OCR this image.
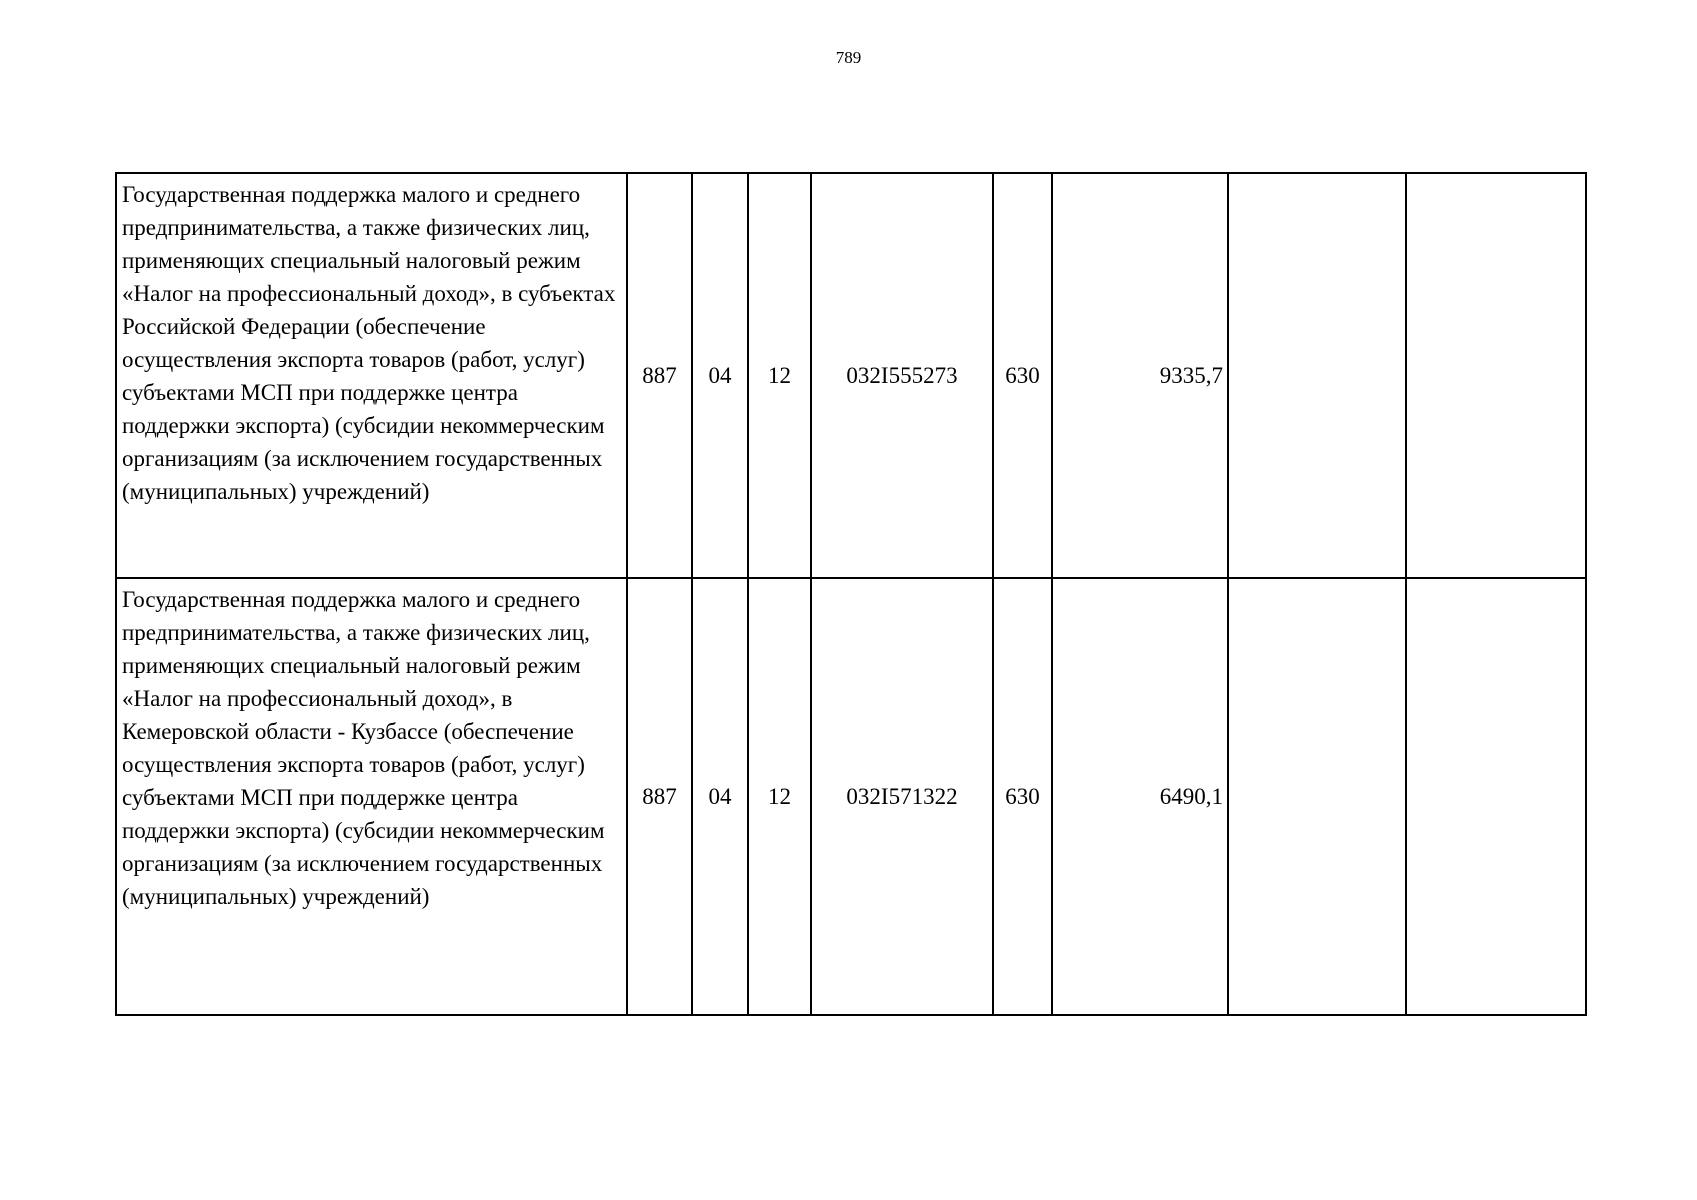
789
Государственная поддержка малого и среднего предпринимательства, а также физических лиц, применяющих специальный налоговый режим «Налог на профессиональный доход», в субъектах Российской Федерации (обеспечение осуществления экспорта товаров (работ, услуг) субъектами МСП при поддержке центра поддержки экспорта) (субсидии некоммерческим организациям (за исключением государственных (муниципальных) учреждений)	887	04	12	032I555273	630	9335,7		
Государственная поддержка малого и среднего предпринимательства, а также физических лиц, применяющих специальный налоговый режим «Налог на профессиональный доход», в Кемеровской области - Кузбассе (обеспечение осуществления экспорта товаров (работ, услуг) субъектами МСП при поддержке центра поддержки экспорта) (субсидии некоммерческим организациям (за исключением государственных (муниципальных) учреждений)	887	04	12	032I571322	630	6490,1		
